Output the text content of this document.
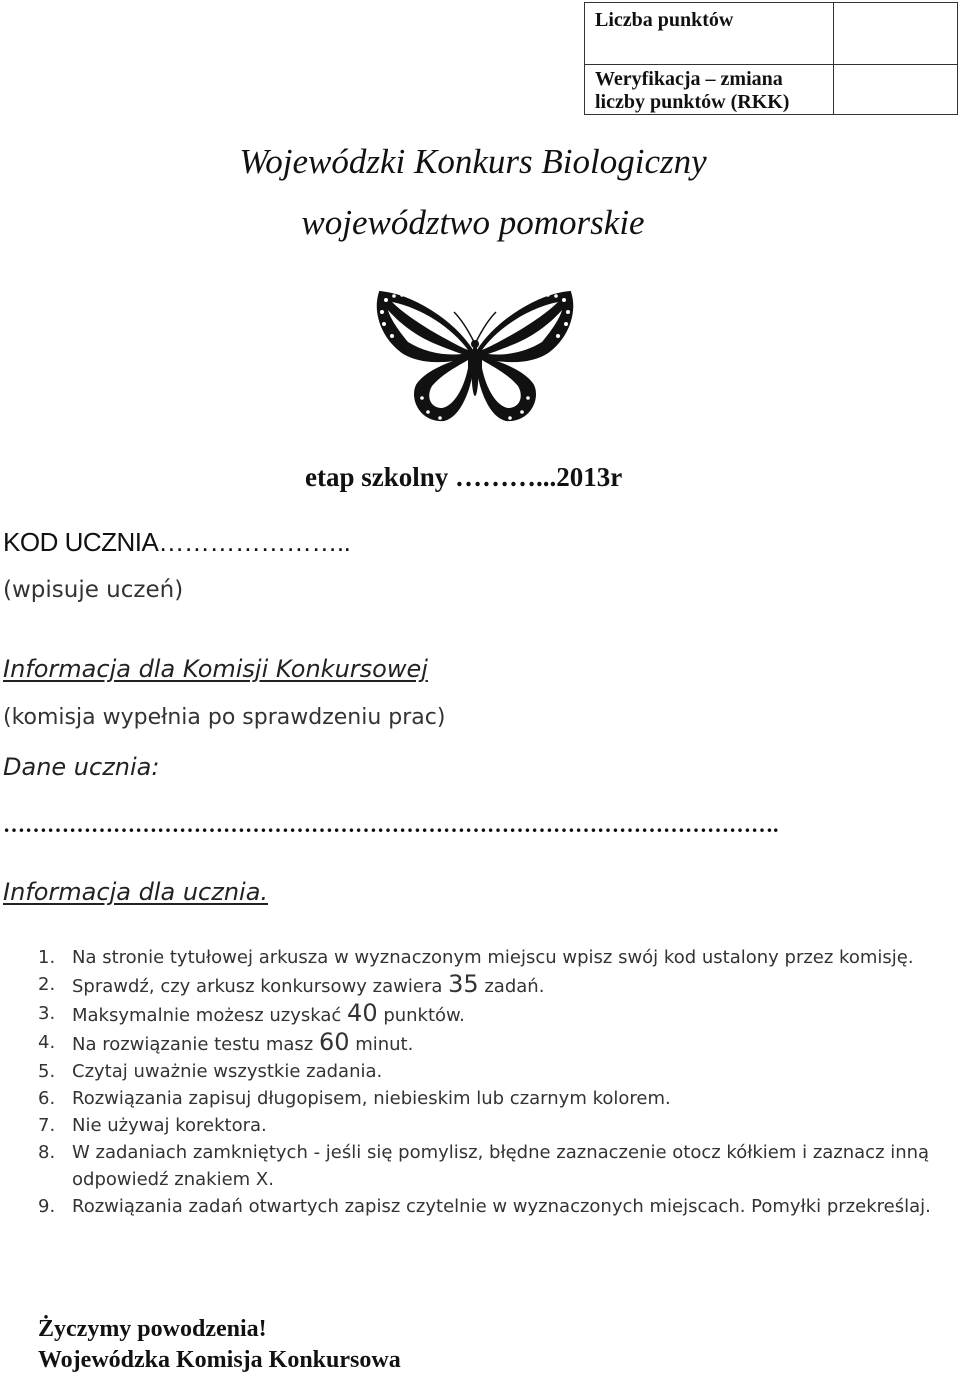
Liczba punktów	
Weryfikacja – zmiana liczby punktów (RKK)	
Wojewódzki Konkurs Biologiczny
województwo pomorskie
etap szkolny ………...2013r
KOD UCZNIA…………………..
(wpisuje uczeń)
Informacja dla Komisji Konkursowej
(komisja wypełnia po sprawdzeniu prac)
Dane ucznia:
…………………………………………………………………………………………….
Informacja dla ucznia.
1. Na stronie tytułowej arkusza w wyznaczonym miejscu wpisz swój kod ustalony przez komisję.
2. Sprawdź, czy arkusz konkursowy zawiera 35 zadań.
3. Maksymalnie możesz uzyskać 40 punktów.
4. Na rozwiązanie testu masz 60 minut.
5. Czytaj uważnie wszystkie zadania.
6. Rozwiązania zapisuj długopisem, niebieskim lub czarnym kolorem.
7. Nie używaj korektora.
8. W zadaniach zamkniętych - jeśli się pomylisz, błędne zaznaczenie otocz kółkiem i zaznacz inną odpowiedź znakiem X.
9. Rozwiązania zadań otwartych zapisz czytelnie w wyznaczonych miejscach. Pomyłki przekreślaj.
Życzymy powodzenia!
Wojewódzka Komisja Konkursowa
